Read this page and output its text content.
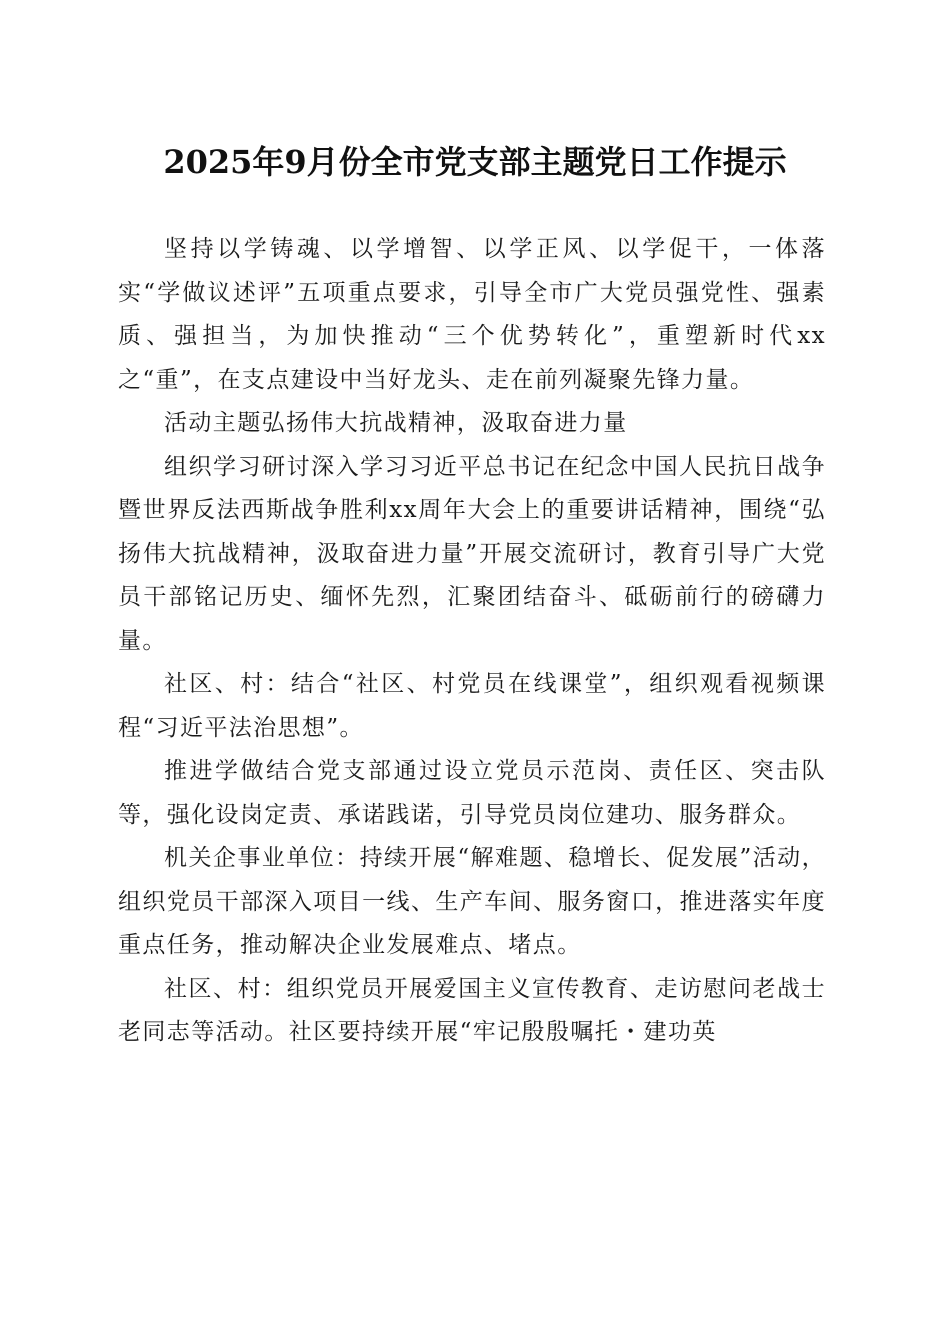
2025年9月份全市党支部主题党日工作提示

坚持以学铸魂、以学增智、以学正风、以学促干，一体落实“学做议述评”五项重点要求，引导全市广大党员强党性、强素质、强担当，为加快推动“三个优势转化”，重塑新时代xx之“重”，在支点建设中当好龙头、走在前列凝聚先锋力量。

活动主题弘扬伟大抗战精神，汲取奋进力量

组织学习研讨深入学习习近平总书记在纪念中国人民抗日战争暨世界反法西斯战争胜利xx周年大会上的重要讲话精神，围绕“弘扬伟大抗战精神，汲取奋进力量”开展交流研讨，教育引导广大党员干部铭记历史、缅怀先烈，汇聚团结奋斗、砥砺前行的磅礴力量。

社区、村：结合“社区、村党员在线课堂”，组织观看视频课程“习近平法治思想”。

推进学做结合党支部通过设立党员示范岗、责任区、突击队等，强化设岗定责、承诺践诺，引导党员岗位建功、服务群众。

机关企事业单位：持续开展“解难题、稳增长、促发展”活动，组织党员干部深入项目一线、生产车间、服务窗口，推进落实年度重点任务，推动解决企业发展难点、堵点。

社区、村：组织党员开展爱国主义宣传教育、走访慰问老战士老同志等活动。社区要持续开展“牢记殷殷嘱托・建功英
